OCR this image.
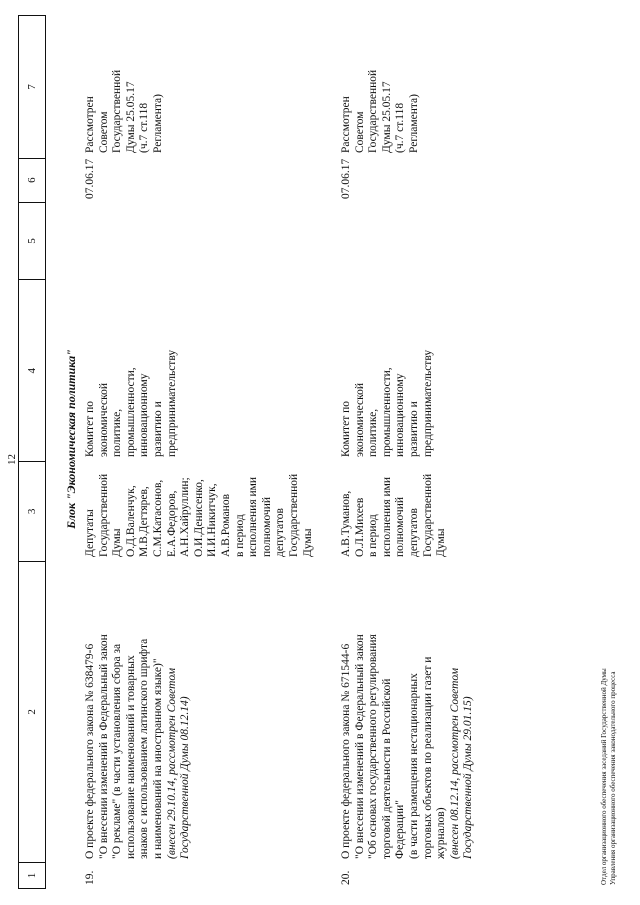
12
1
2
3
4
5
6
7
Блок "Экономическая политика"
19.
О проекте федерального закона № 638479-6 "О внесении изменений в Федеральный закон "О рекламе" (в части установления сбора за использование наименований и товарных знаков с использованием латинского шрифта и наименований на иностранном языке)" (внесен 29.10.14, рассмотрен Советом Государственной Думы 08.12.14)
Депутаты Государственной Думы О.Д.Валенчук, М.В.Дегтярев, С.М.Катасонов, Е.А.Федоров, А.Н.Хайруллин; О.И.Денисенко, И.И.Никитчук, А.В.Романов в период исполнения ими полномочий депутатов Государственной Думы
Комитет по экономической политике, промышленности, инновационному развитию и предпринимательству
07.06.17
Рассмотрен Советом Государственной Думы 25.05.17 (ч.7 ст.118 Регламента)
20.
О проекте федерального закона № 671544-6 "О внесении изменений в Федеральный закон "Об основах государственного регулирования торговой деятельности в Российской Федерации" (в части размещения нестационарных торговых объектов по реализации газет и журналов) (внесен 08.12.14, рассмотрен Советом Государственной Думы 29.01.15)
А.В.Туманов, О.Л.Михеев в период исполнения ими полномочий депутатов Государственной Думы
Комитет по экономической политике, промышленности, инновационному развитию и предпринимательству
07.06.17
Рассмотрен Советом Государственной Думы 25.05.17 (ч.7 ст.118 Регламента)
Отдел организационного обеспечения заседаний Государственной Думы Управления организационного обеспечения законодательного процесса
